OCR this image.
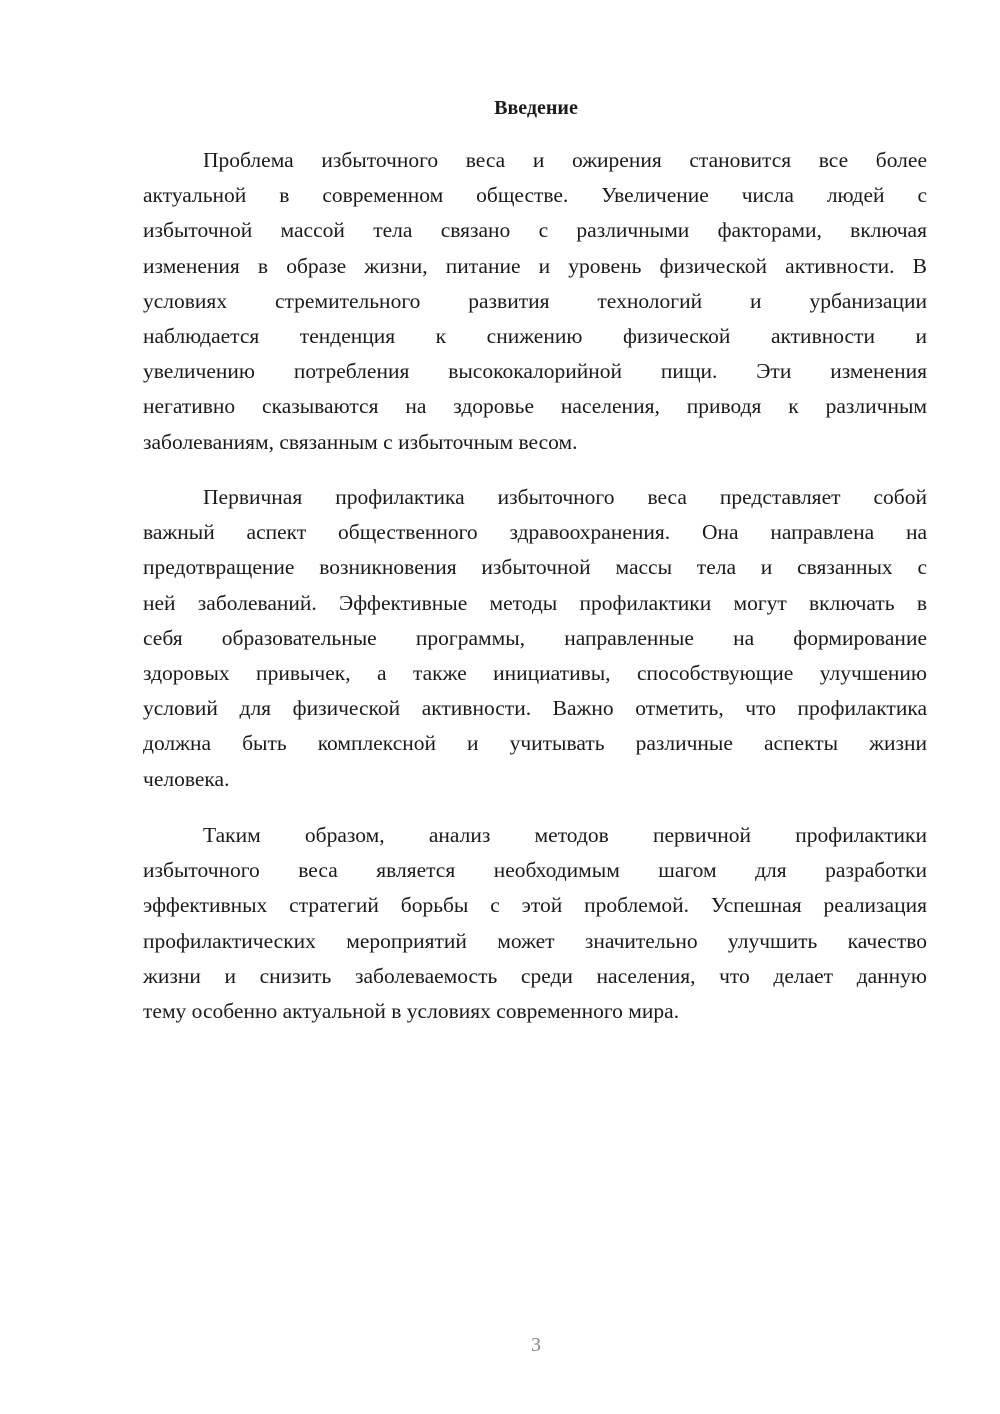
Введение
Проблема избыточного веса и ожирения становится все более
актуальной в современном обществе. Увеличение числа людей с
избыточной массой тела связано с различными факторами, включая
изменения в образе жизни, питание и уровень физической активности. В
условиях стремительного развития технологий и урбанизации
наблюдается тенденция к снижению физической активности и
увеличению потребления высококалорийной пищи. Эти изменения
негативно сказываются на здоровье населения, приводя к различным
заболеваниям, связанным с избыточным весом.
Первичная профилактика избыточного веса представляет собой
важный аспект общественного здравоохранения. Она направлена на
предотвращение возникновения избыточной массы тела и связанных с
ней заболеваний. Эффективные методы профилактики могут включать в
себя образовательные программы, направленные на формирование
здоровых привычек, а также инициативы, способствующие улучшению
условий для физической активности. Важно отметить, что профилактика
должна быть комплексной и учитывать различные аспекты жизни
человека.
Таким образом, анализ методов первичной профилактики
избыточного веса является необходимым шагом для разработки
эффективных стратегий борьбы с этой проблемой. Успешная реализация
профилактических мероприятий может значительно улучшить качество
жизни и снизить заболеваемость среди населения, что делает данную
тему особенно актуальной в условиях современного мира.
3
